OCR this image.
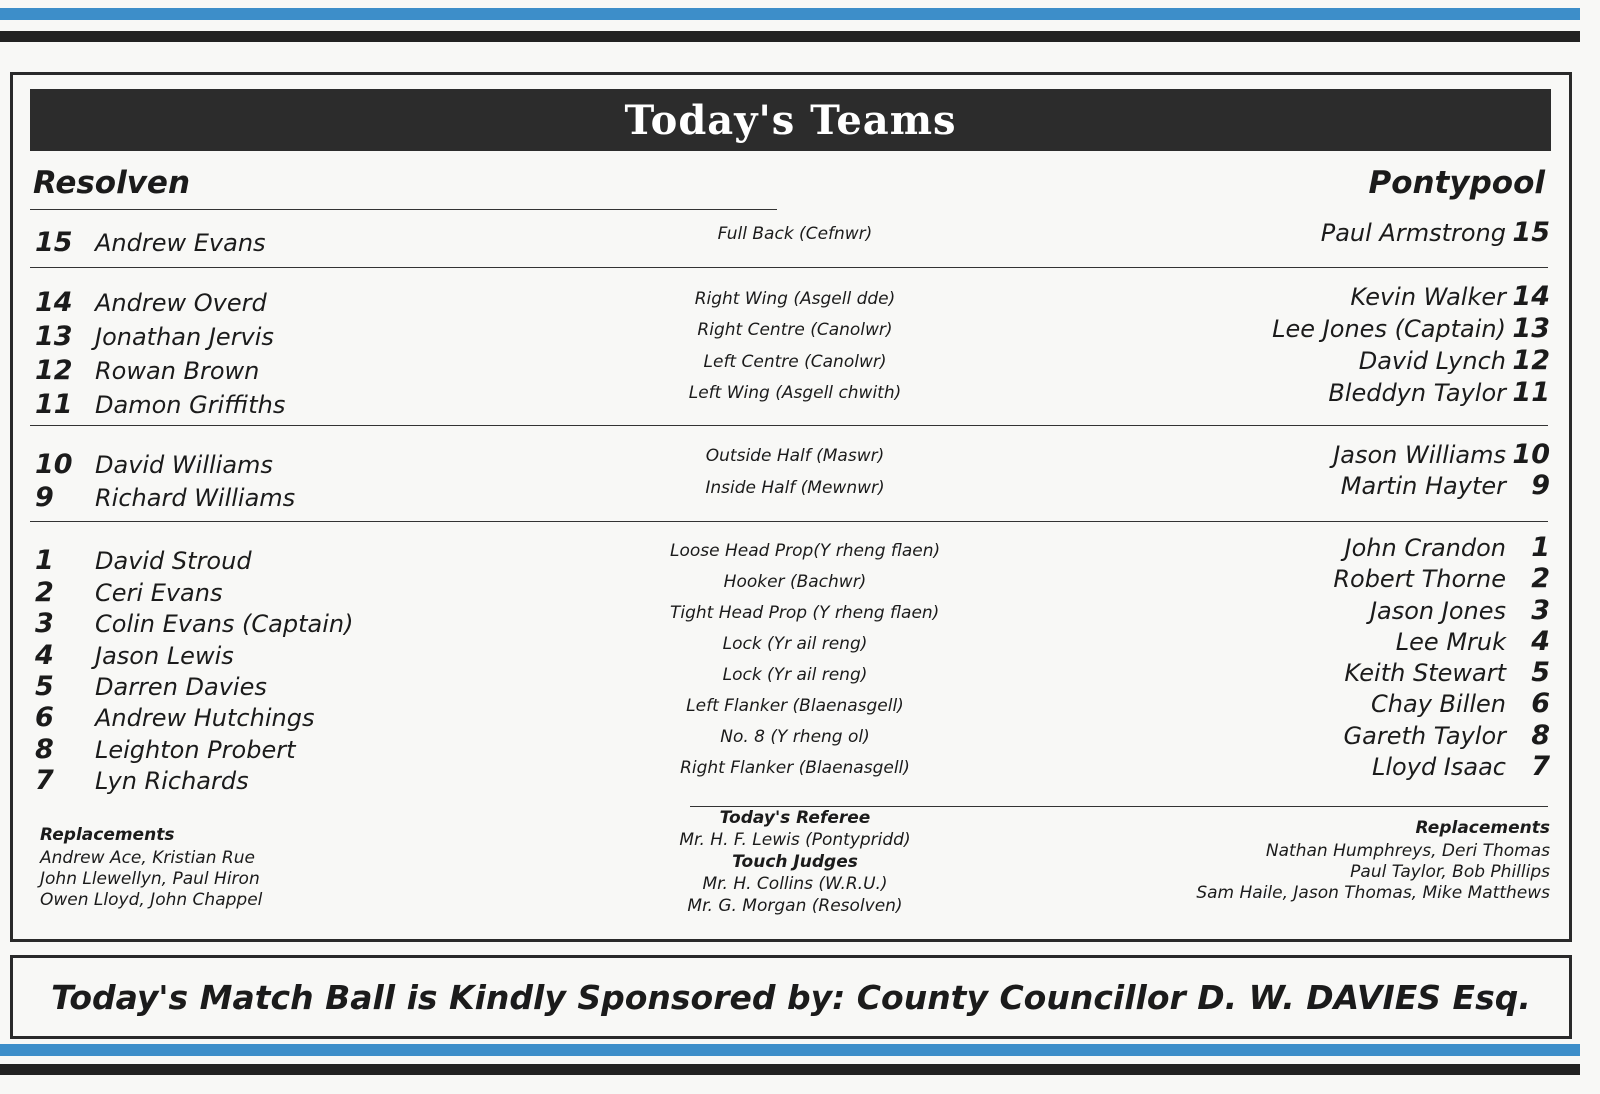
Today's Teams
Resolven	Pontypool
15 Andrew Evans
14 Andrew Overd
13 Jonathan Jervis
12 Rowan Brown
11 Damon Griffiths
10 David Williams
9 Richard Williams
1 David Stroud
2 Ceri Evans
3 Colin Evans (Captain)
4 Jason Lewis
5 Darren Davies
6 Andrew Hutchings
8 Leighton Probert
7 Lyn Richards
Paul Armstrong 15
Kevin Walker 14
Lee Jones (Captain) 13
David Lynch 12
Bleddyn Taylor 11
Jason Williams 10
Martin Hayter 9
John Crandon 1
Robert Thorne 2
Jason Jones 3
Lee Mruk 4
Keith Stewart 5
Chay Billen 6
Gareth Taylor 8
Lloyd Isaac 7
Full Back (Cefnwr)
Right Wing (Asgell dde)
Right Centre (Canolwr)
Left Centre (Canolwr)
Left Wing (Asgell chwith)
Outside Half (Maswr)
Inside Half (Mewnwr)
Loose Head Prop(Y rheng flaen)
Hooker (Bachwr)
Tight Head Prop (Y rheng flaen)
Lock (Yr ail reng)
Lock (Yr ail reng)
Left Flanker (Blaenasgell)
No. 8 (Y rheng ol)
Right Flanker (Blaenasgell)
Today's Referee
Mr. H. F. Lewis (Pontypridd)
Touch Judges
Mr. H. Collins (W.R.U.)
Mr. G. Morgan (Resolven)
Replacements
Andrew Ace, Kristian Rue
John Llewellyn, Paul Hiron
Owen Lloyd, John Chappel
Replacements
Nathan Humphreys, Deri Thomas
Paul Taylor, Bob Phillips
Sam Haile, Jason Thomas, Mike Matthews
Today's Match Ball is Kindly Sponsored by: County Councillor D. W. DAVIES Esq.
